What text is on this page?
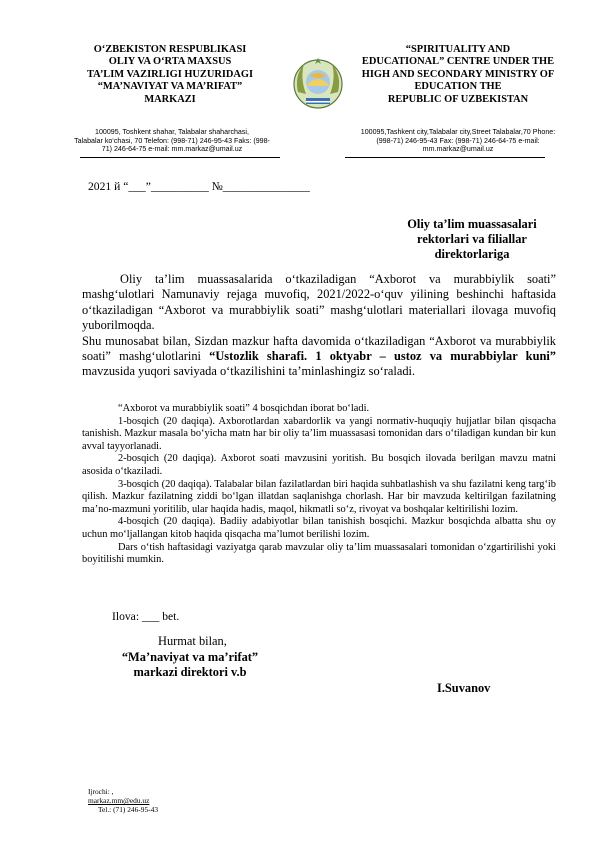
O‘ZBEKISTON RESPUBLIKASI
OLIY VA O‘RTA MAXSUS
TA’LIM VAZIRLIGI HUZURIDAGI
“MA’NAVIYAT VA MA’RIFAT”
MARKAZI
“SPIRITUALITY AND
EDUCATIONAL” CENTRE UNDER THE
HIGH AND SECONDARY MINISTRY OF
EDUCATION THE
REPUBLIC OF UZBEKISTAN
100095, Toshkent shahar, Talabalar shaharchasi,
Talabalar ko‘chasi, 70 Telefon: (998-71) 246-95-43 Faks: (998-
71) 246-64-75 e-mail: mm.markaz@umail.uz
100095,Tashkent city,Talabalar city,Street Talabalar,70 Phone:
(998-71) 246-95-43 Fax: (998-71) 246-64-75 e-mail:
mm.markaz@umail.uz
2021 й “___”__________ №_______________
Oliy ta’lim muassasalari
rektorlari va filiallar
direktorlariga

Oliy ta’lim muassasalarida o‘tkaziladigan “Axborot va murabbiylik soati” mashg‘ulotlari Namunaviy rejaga muvofiq, 2021/2022-o‘quv yilining beshinchi haftasida o‘tkaziladigan “Axborot va murabbiylik soati” mashg‘ulotlari materiallari ilovaga muvofiq yuborilmoqda.

Shu munosabat bilan, Sizdan mazkur hafta davomida o‘tkaziladigan “Axborot va murabbiylik soati” mashg‘ulotlarini “Ustozlik sharafi. 1 oktyabr – ustoz va murabbiylar kuni” mavzusida yuqori saviyada o‘tkazilishini ta’minlashingiz so‘raladi.

“Axborot va murabbiylik soati” 4 bosqichdan iborat bo‘ladi.

1-bosqich (20 daqiqa). Axborotlardan xabardorlik va yangi normativ-huquqiy hujjatlar bilan qisqacha tanishish. Mazkur masala bo‘yicha matn har bir oliy ta’lim muassasasi tomonidan dars o‘tiladigan kundan bir kun avval tayyorlanadi.

2-bosqich (20 daqiqa). Axborot soati mavzusini yoritish. Bu bosqich ilovada berilgan mavzu matni asosida o‘tkaziladi.

3-bosqich (20 daqiqa). Talabalar bilan fazilatlardan biri haqida suhbatlashish va shu fazilatni keng targ‘ib qilish. Mazkur fazilatning ziddi bo‘lgan illatdan saqlanishga chorlash. Har bir mavzuda keltirilgan fazilatning ma’no-mazmuni yoritilib, ular haqida hadis, maqol, hikmatli so‘z, rivoyat va boshqalar keltirilishi lozim.

4-bosqich (20 daqiqa). Badiiy adabiyotlar bilan tanishish bosqichi. Mazkur bosqichda albatta shu oy uchun mo‘ljallangan kitob haqida qisqacha ma’lumot berilishi lozim.

Dars o‘tish haftasidagi vaziyatga qarab mavzular oliy ta’lim muassasalari tomonidan o‘zgartirilishi yoki boyitilishi mumkin.

Ilova: ___ bet.
Hurmat bilan,
“Ma’naviyat va ma’rifat”
markazi direktori v.b
I.Suvanov
Ijrochi: ,
markaz.mm@edu.uz
Tel.: (71) 246-95-43
